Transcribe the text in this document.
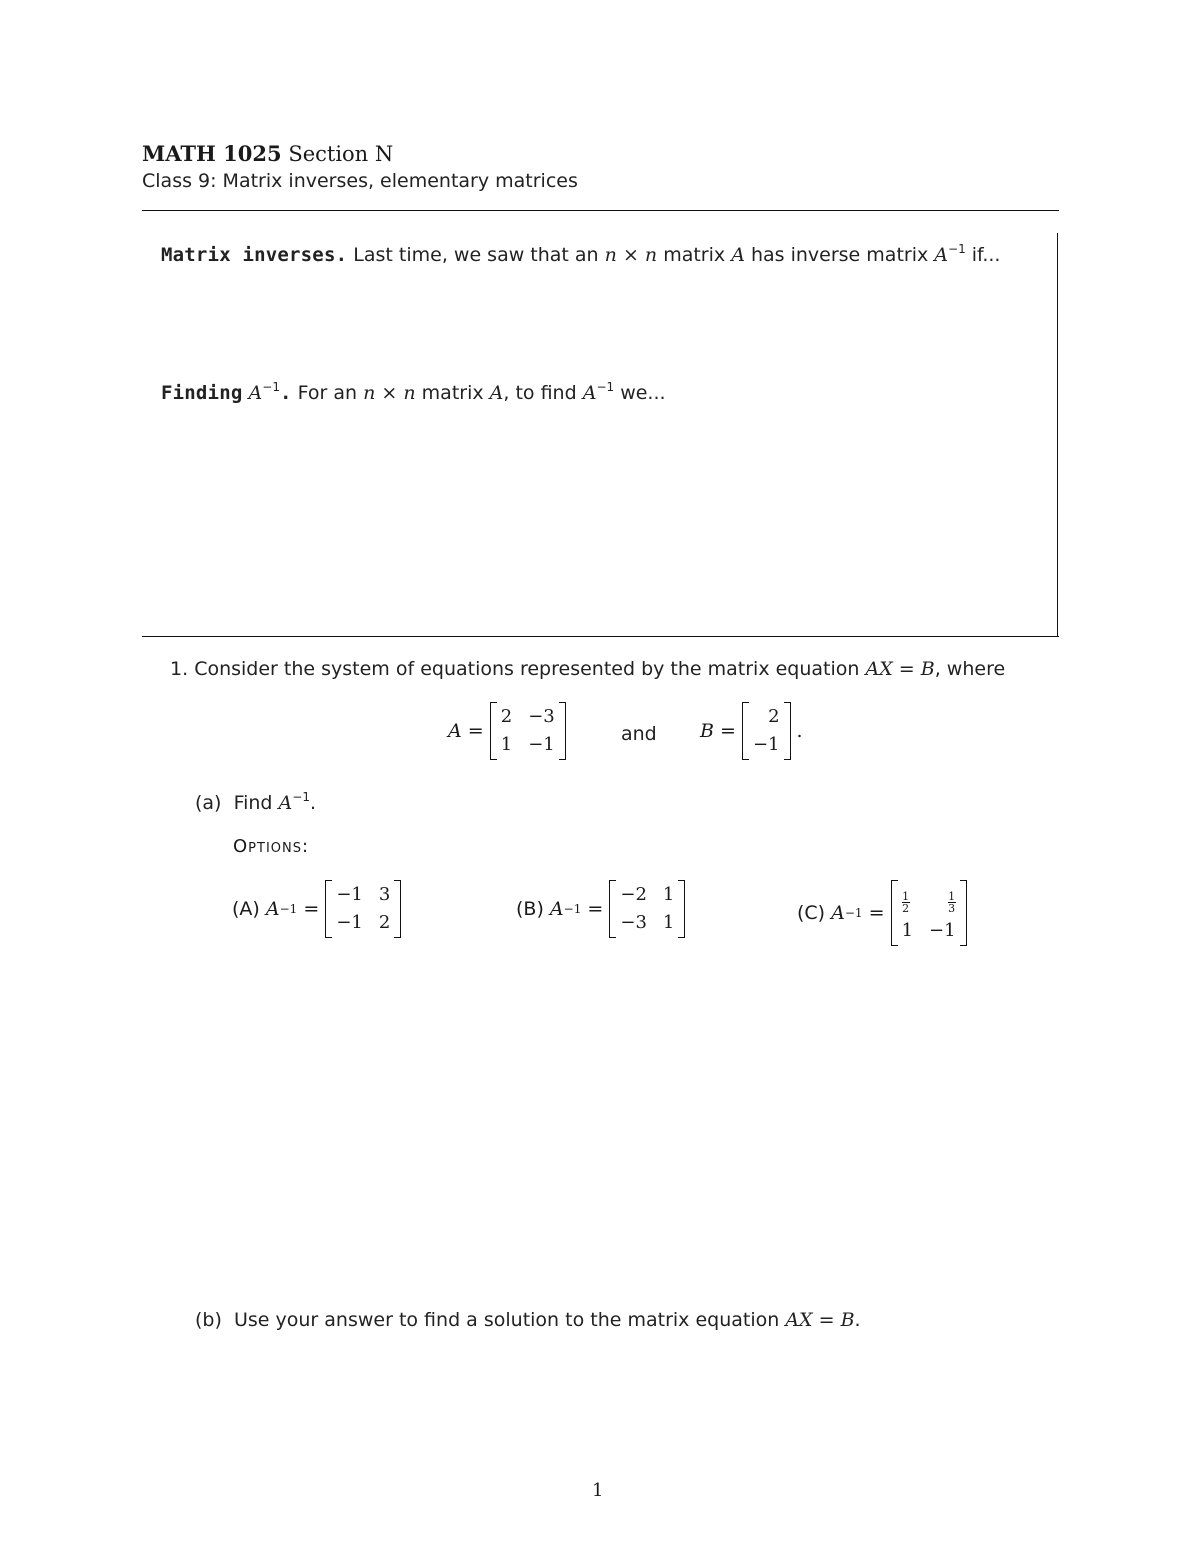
MATH 1025 Section N
Class 9: Matrix inverses, elementary matrices
Matrix inverses. Last time, we saw that an n × n matrix A has inverse matrix $A^{-1}$ if...
Finding $A^{-1}$. For an n × n matrix A, to find $A^{-1}$ we...
1. Consider the system of equations represented by the matrix equation AX = B, where
A =
2 −3
1 −1	and B =
2
−1
.
(a) Find $A^{-1}$.
Options:
(A)
A −1 =
−1 3
−1 2
(B)
A −1 =
−2 1
−3 1	(C)
$A -1 = \frac{1}{2}$	$\frac{1}{3}$
1 −1
(b) Use your answer to find a solution to the matrix equation AX = B.
1
